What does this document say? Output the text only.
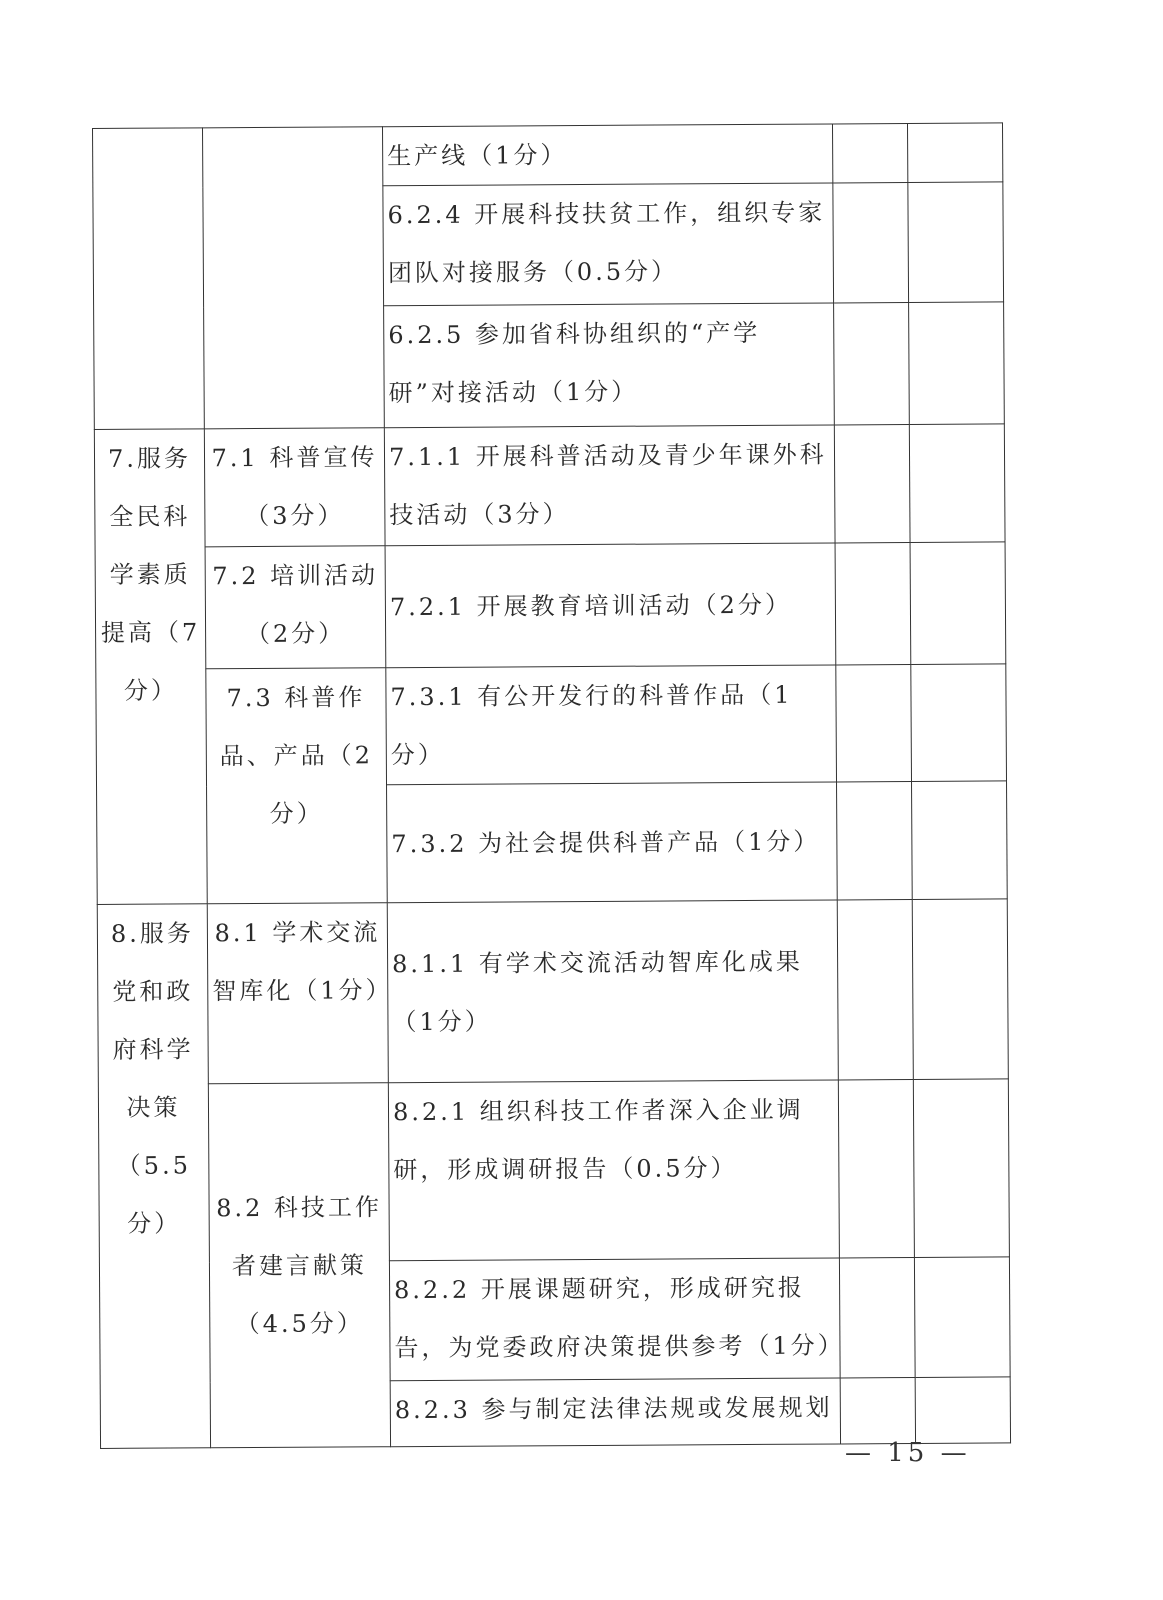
		生产线（1分）		
		6.2.4 开展科技扶贫工作，组织专家团队对接服务（0.5分）		
		6.2.5 参加省科协组织的“产学研”对接活动（1分）		
7.服务全民科学素质提高（7分）	7.1 科普宣传（3分）	7.1.1 开展科普活动及青少年课外科技活动（3分）		
	7.2 培训活动（2分）	7.2.1 开展教育培训活动（2分）		
	7.3 科普作品、产品（2分）	7.3.1 有公开发行的科普作品（1分）		
		7.3.2 为社会提供科普产品（1分）		
8.服务党和政府科学决策（5.5分）	8.1 学术交流智库化（1分）	8.1.1 有学术交流活动智库化成果（1分）		
	8.2 科技工作者建言献策（4.5分）	8.2.1 组织科技工作者深入企业调研，形成调研报告（0.5分）		
		8.2.2 开展课题研究，形成研究报告，为党委政府决策提供参考（1分）		
		8.2.3 参与制定法律法规或发展规划		
— 15 —
